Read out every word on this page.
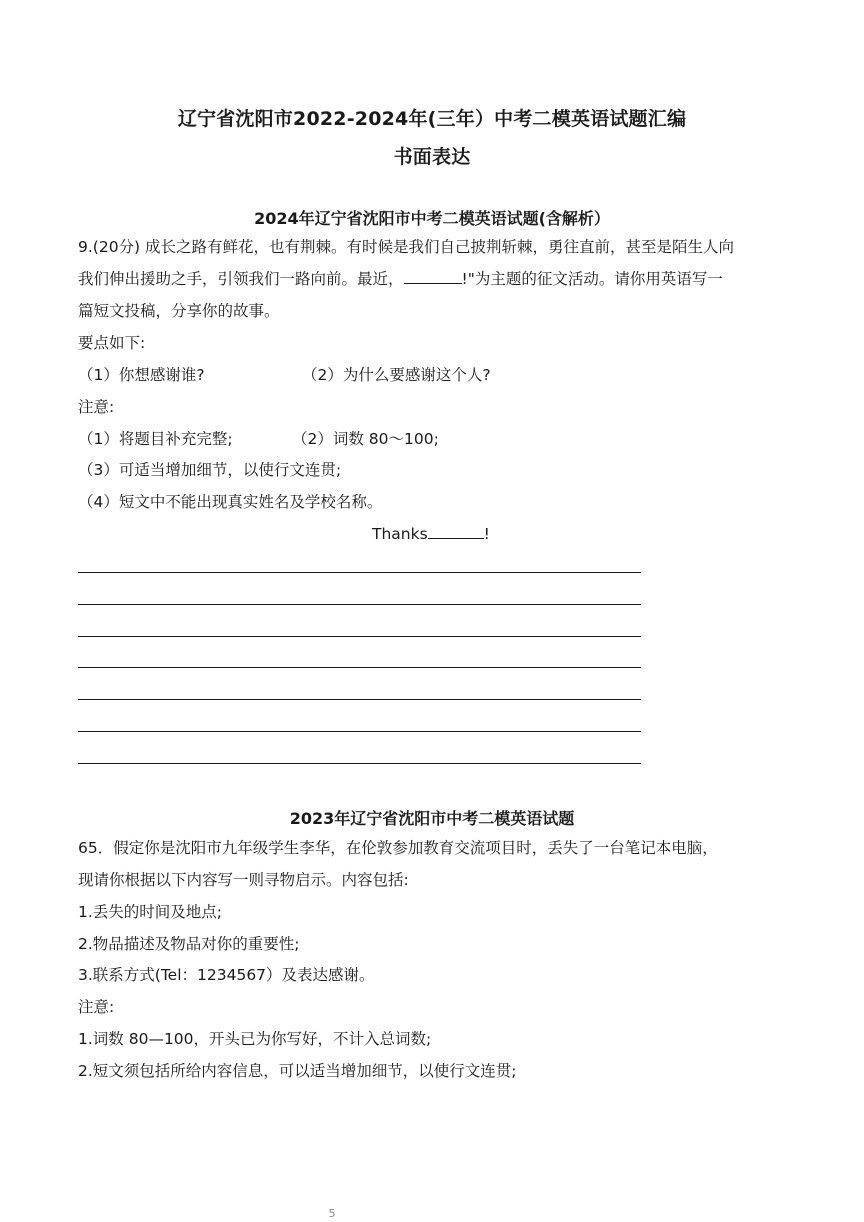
辽宁省沈阳市2022-2024年(三年）中考二模英语试题汇编
书面表达
2024年辽宁省沈阳市中考二模英语试题(含解析）
9.(20分) 成长之路有鲜花，也有荆棘。有时候是我们自己披荆斩棘，勇往直前，甚至是陌生人向
我们伸出援助之手，引领我们一路向前。最近，	!"为主题的征文活动。请你用英语写一
篇短文投稿，分享你的故事。
要点如下:
（1）你想感谢谁?	（2）为什么要感谢这个人?
注意:
（1）将题目补充完整;	（2）词数 80～100;
（3）可适当增加细节，以使行文连贯;
（4）短文中不能出现真实姓名及学校名称。
Thanks	!
2023年辽宁省沈阳市中考二模英语试题
65．假定你是沈阳市九年级学生李华，在伦敦参加教育交流项目时，丢失了一台笔记本电脑，
现请你根据以下内容写一则寻物启示。内容包括:
1.丢失的时间及地点;
2.物品描述及物品对你的重要性;
3.联系方式(Tel：1234567）及表达感谢。
注意:
1.词数 80—100，开头已为你写好，不计入总词数;
2.短文须包括所给内容信息，可以适当增加细节，以使行文连贯;
5
